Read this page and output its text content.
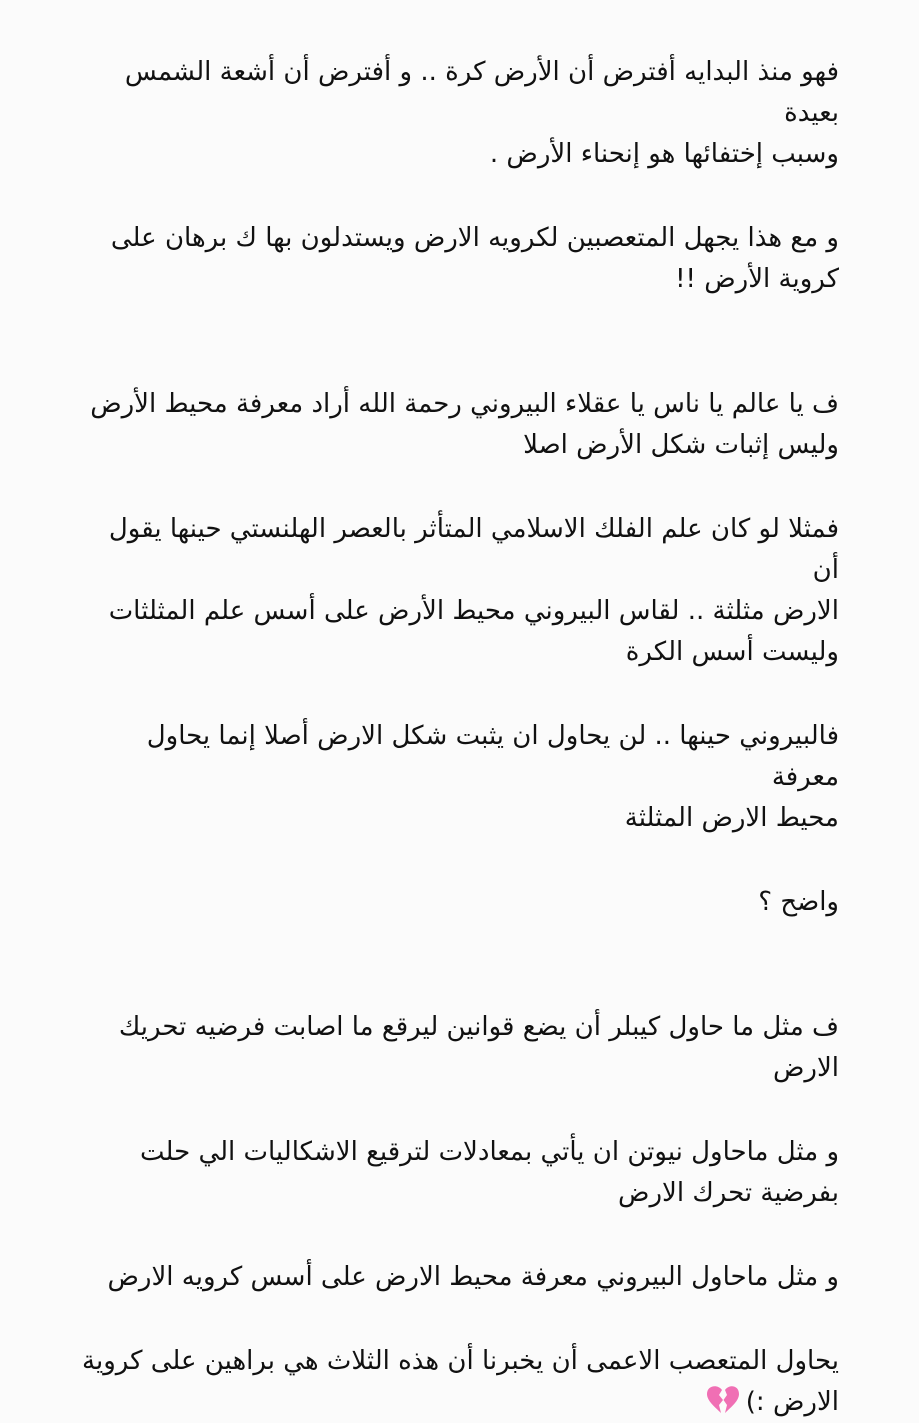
فهو منذ البدايه أفترض أن الأرض كرة .. و أفترض أن أشعة الشمس بعيدة
وسبب إختفائها هو إنحناء الأرض .
و مع هذا يجهل المتعصبين لكرويه الارض ويستدلون بها ك برهان على
كروية الأرض !!
ف يا عالم يا ناس يا عقلاء البيروني رحمة الله أراد معرفة محيط الأرض
وليس إثبات شكل الأرض اصلا
فمثلا لو كان علم الفلك الاسلامي المتأثر بالعصر الهلنستي حينها يقول أن
الارض مثلثة .. لقاس البيروني محيط الأرض على أسس علم المثلثات
وليست أسس الكرة
فالبيروني حينها .. لن يحاول ان يثبت شكل الارض أصلا إنما يحاول معرفة
محيط الارض المثلثة
واضح ؟
ف مثل ما حاول كيبلر أن يضع قوانين ليرقع ما اصابت فرضيه تحريك
الارض
و مثل ماحاول نيوتن ان يأتي بمعادلات لترقيع الاشكاليات الي حلت
بفرضية تحرك الارض
و مثل ماحاول البيروني معرفة محيط الارض على أسس كرويه الارض
يحاول المتعصب الاعمى أن يخبرنا أن هذه الثلاث هي براهين على كروية
الارض :)
